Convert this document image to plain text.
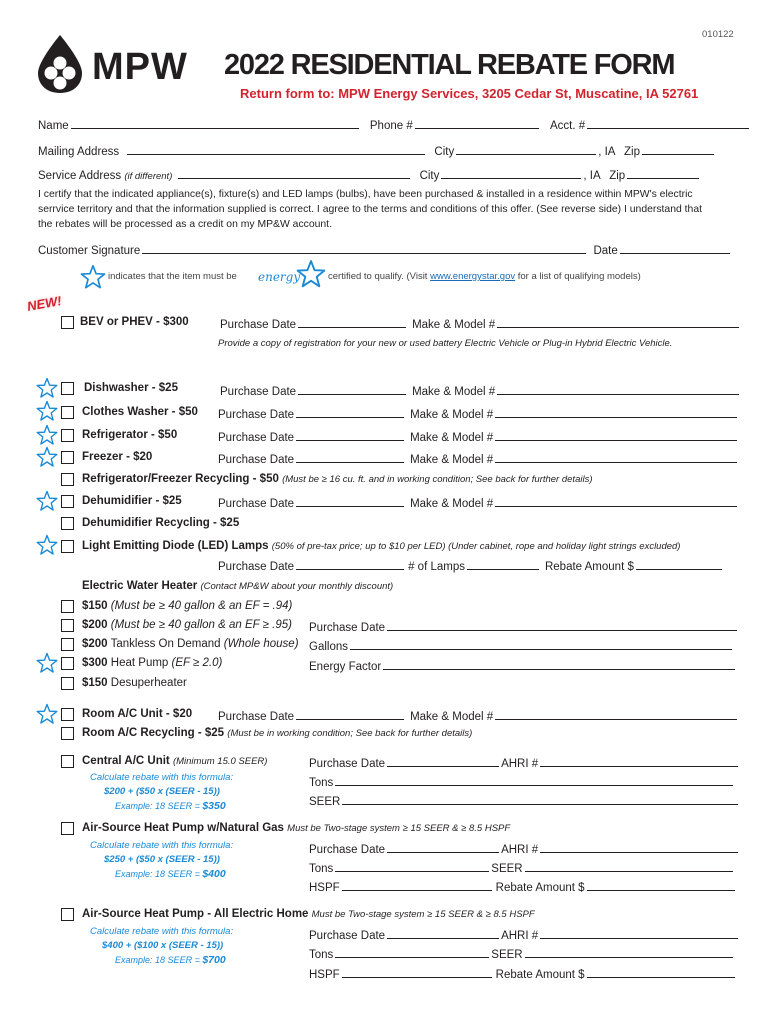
010122
MPW 2022 RESIDENTIAL REBATE FORM
Return form to: MPW Energy Services, 3205 Cedar St, Muscatine, IA 52761
Name	Phone #	Acct. #
Mailing Address	City	, IA Zip
Service Address (if different)	City	, IA Zip
I certify that the indicated appliance(s), fixture(s) and LED lamps (bulbs), have been purchased & installed in a residence within MPW's electric
serrvice territory and that the information supplied is correct. I agree to the terms and conditions of this offer. (See reverse side) I understand that
the rebates will be processed as a credit on my MP&W account.
Customer Signature	Date
indicates that the item must be energy	certified to qualify. (Visit www.energystar.gov for a list of qualifying models)
NEW!
BEV or PHEV - $300	Purchase Date	Make & Model #
Provide a copy of registration for your new or used battery Electric Vehicle or Plug-in Hybrid Electric Vehicle.
Dishwasher - $25	Purchase Date	Make & Model #
Clothes Washer - $50 Purchase Date	Make & Model #
Refrigerator - $50	Purchase Date	Make & Model #
Freezer - $20	Purchase Date	Make & Model #
Refrigerator/Freezer Recycling - $50 (Must be ≥ 16 cu. ft. and in working condition; See back for further details)
Dehumidifier - $25	Purchase Date	Make & Model #
Dehumidifier Recycling - $25
Light Emitting Diode (LED) Lamps (50% of pre-tax price; up to $10 per LED) (Under cabinet, rope and holiday light strings excluded)
Purchase Date	# of Lamps	Rebate Amount $
Electric Water Heater (Contact MP&W about your monthly discount)
$150 (Must be ≥ 40 gallon & an EF = .94)
$200 (Must be ≥ 40 gallon & an EF ≥ .95)
$200 Tankless On Demand (Whole house)
$300 Heat Pump (EF ≥ 2.0)
$150 Desuperheater
Purchase Date
Gallons
Energy Factor
Room A/C Unit - $20 Purchase Date	Make & Model #
Room A/C Recycling - $25 (Must be in working condition; See back for further details)
Central A/C Unit (Minimum 15.0 SEER)
Calculate rebate with this formula:
$200 + ($50 x (SEER - 15))
Example: 18 SEER = $350
Purchase Date	AHRI #
Tons
SEER
Air-Source Heat Pump w/Natural Gas Must be Two-stage system ≥ 15 SEER & ≥ 8.5 HSPF
Calculate rebate with this formula:
$250 + ($50 x (SEER - 15))
Example: 18 SEER = $400
Purchase Date	AHRI #
Tons	SEER
HSPF	Rebate Amount $
Air-Source Heat Pump - All Electric Home Must be Two-stage system ≥ 15 SEER & ≥ 8.5 HSPF
Calculate rebate with this formula:
$400 + ($100 x (SEER - 15))
Example: 18 SEER = $700
Purchase Date	AHRI #
Tons	SEER
HSPF	Rebate Amount $
